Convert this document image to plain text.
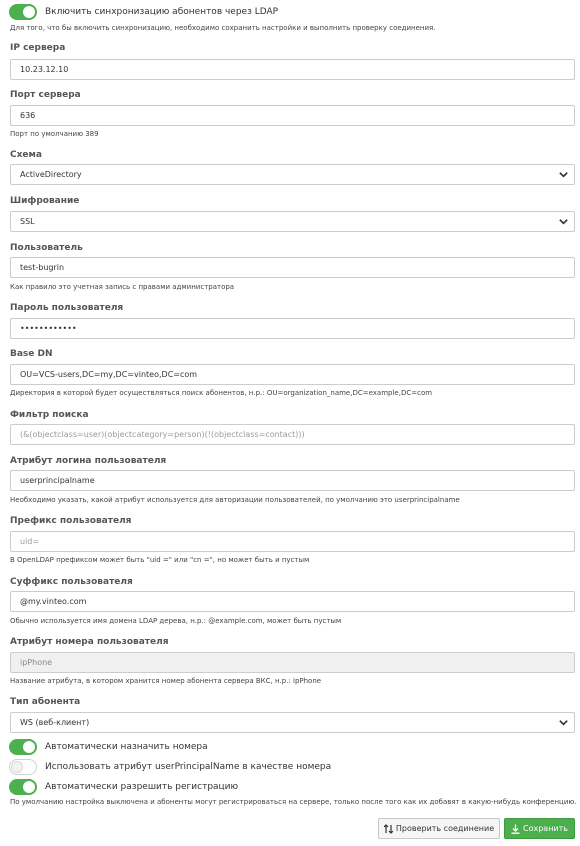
Включить синхронизацию абонентов через LDAP
Для того, что бы включить синхронизацию, необходимо сохранить настройки и выполнить проверку соединения.
IP сервера
10.23.12.10
Порт сервера
636
Порт по умолчанию 389
Схема
ActiveDirectory
Шифрование
SSL
Пользователь
test-bugrin
Как правило это учетная запись с правами администратора
Пароль пользователя
••••••••••••
Base DN
OU=VCS-users,DC=my,DC=vinteo,DC=com
Директория в которой будет осуществляться поиск абонентов, н.р.: OU=organization_name,DC=example,DC=com
Фильтр поиска
(&(objectclass=user)(objectcategory=person)(!(objectclass=contact)))
Атрибут логина пользователя
userprincipalname
Необходимо указать, какой атрибут используется для авторизации пользователей, по умолчанию это userprincipalname
Префикс пользователя
uid=
В OpenLDAP префиксом может быть "uid =" или "cn =", но может быть и пустым
Суффикс пользователя
@my.vinteo.com
Обычно используется имя домена LDAP дерева, н.р.: @example.com, может быть пустым
Атрибут номера пользователя
ipPhone
Название атрибута, в котором хранится номер абонента сервера ВКС, н.р.: ipPhone
Тип абонента
WS (веб-клиент)
Автоматически назначить номера
Использовать атрибут userPrincipalName в качестве номера
Автоматически разрешить регистрацию
По умолчанию настройка выключена и абоненты могут регистрироваться на сервере, только после того как их добавят в какую-нибудь конференцию.
Проверить соединение	Сохранить
